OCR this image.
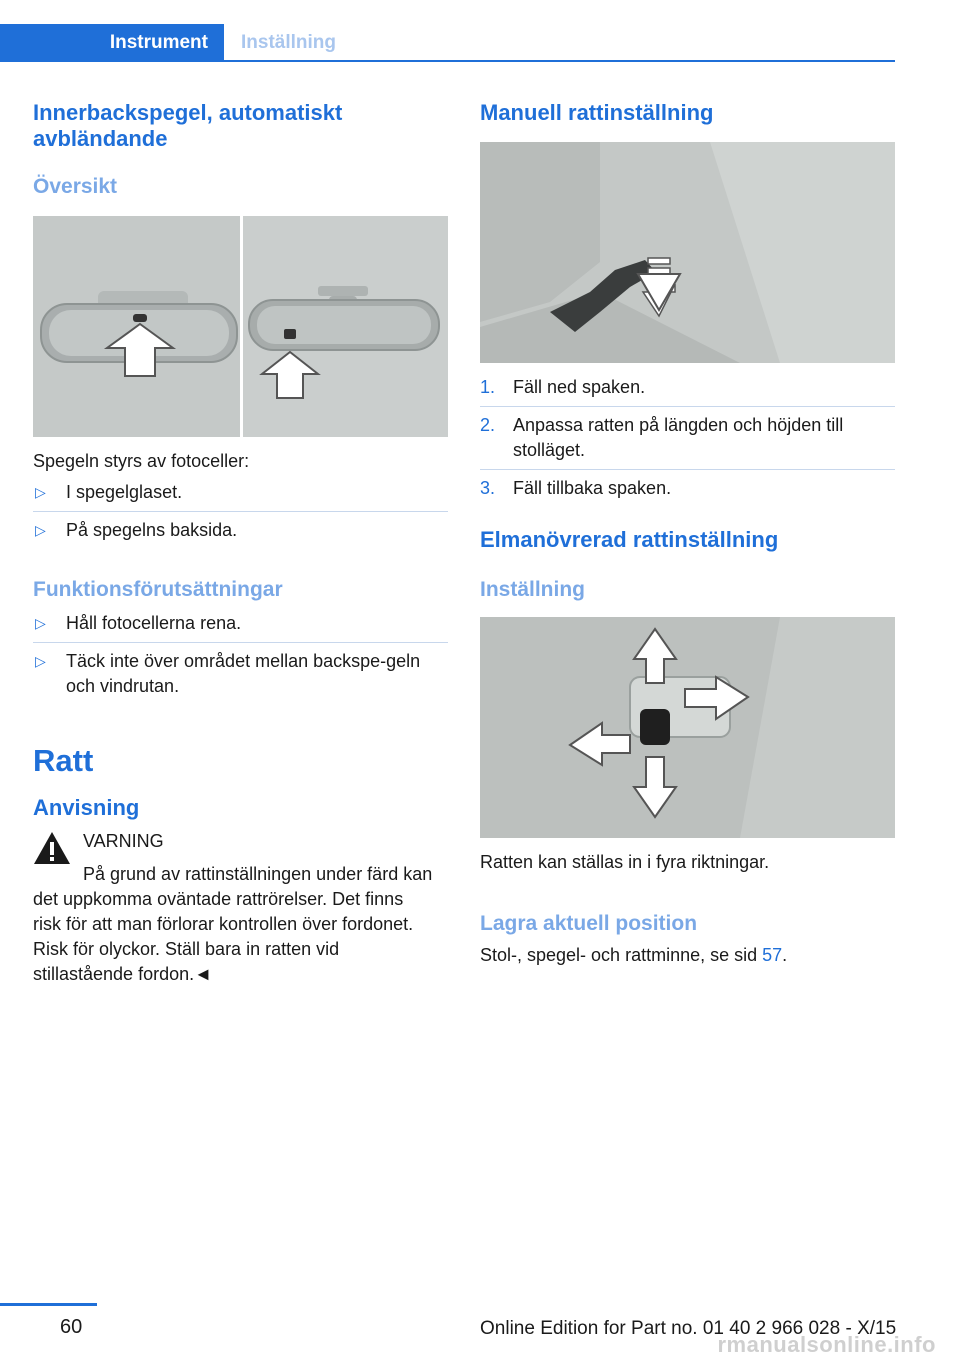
Instrument	Inställning
Innerbackspegel, automatiskt avbländande
Översikt
Spegeln styrs av fotoceller:
▷ I spegelglaset.
▷ På spegelns baksida.
Funktionsförutsättningar
▷ Håll fotocellerna rena.
▷ Täck inte över området mellan backspe-geln och vindrutan.
Ratt
Anvisning
VARNING
På grund av rattinställningen under färd kan det uppkomma oväntade rattrörelser. Det finns risk för att man förlorar kontrollen över fordonet. Risk för olyckor. Ställ bara in ratten vid stillastående fordon.◄
Manuell rattinställning
1. Fäll ned spaken.
2. Anpassa ratten på längden och höjden till stolläget.
3. Fäll tillbaka spaken.
Elmanövrerad rattinställning
Inställning
Ratten kan ställas in i fyra riktningar.
Lagra aktuell position
Stol-, spegel- och rattminne, se sid 57.
60	Online Edition for Part no. 01 40 2 966 028 - X/15
rmanualsonline.info
